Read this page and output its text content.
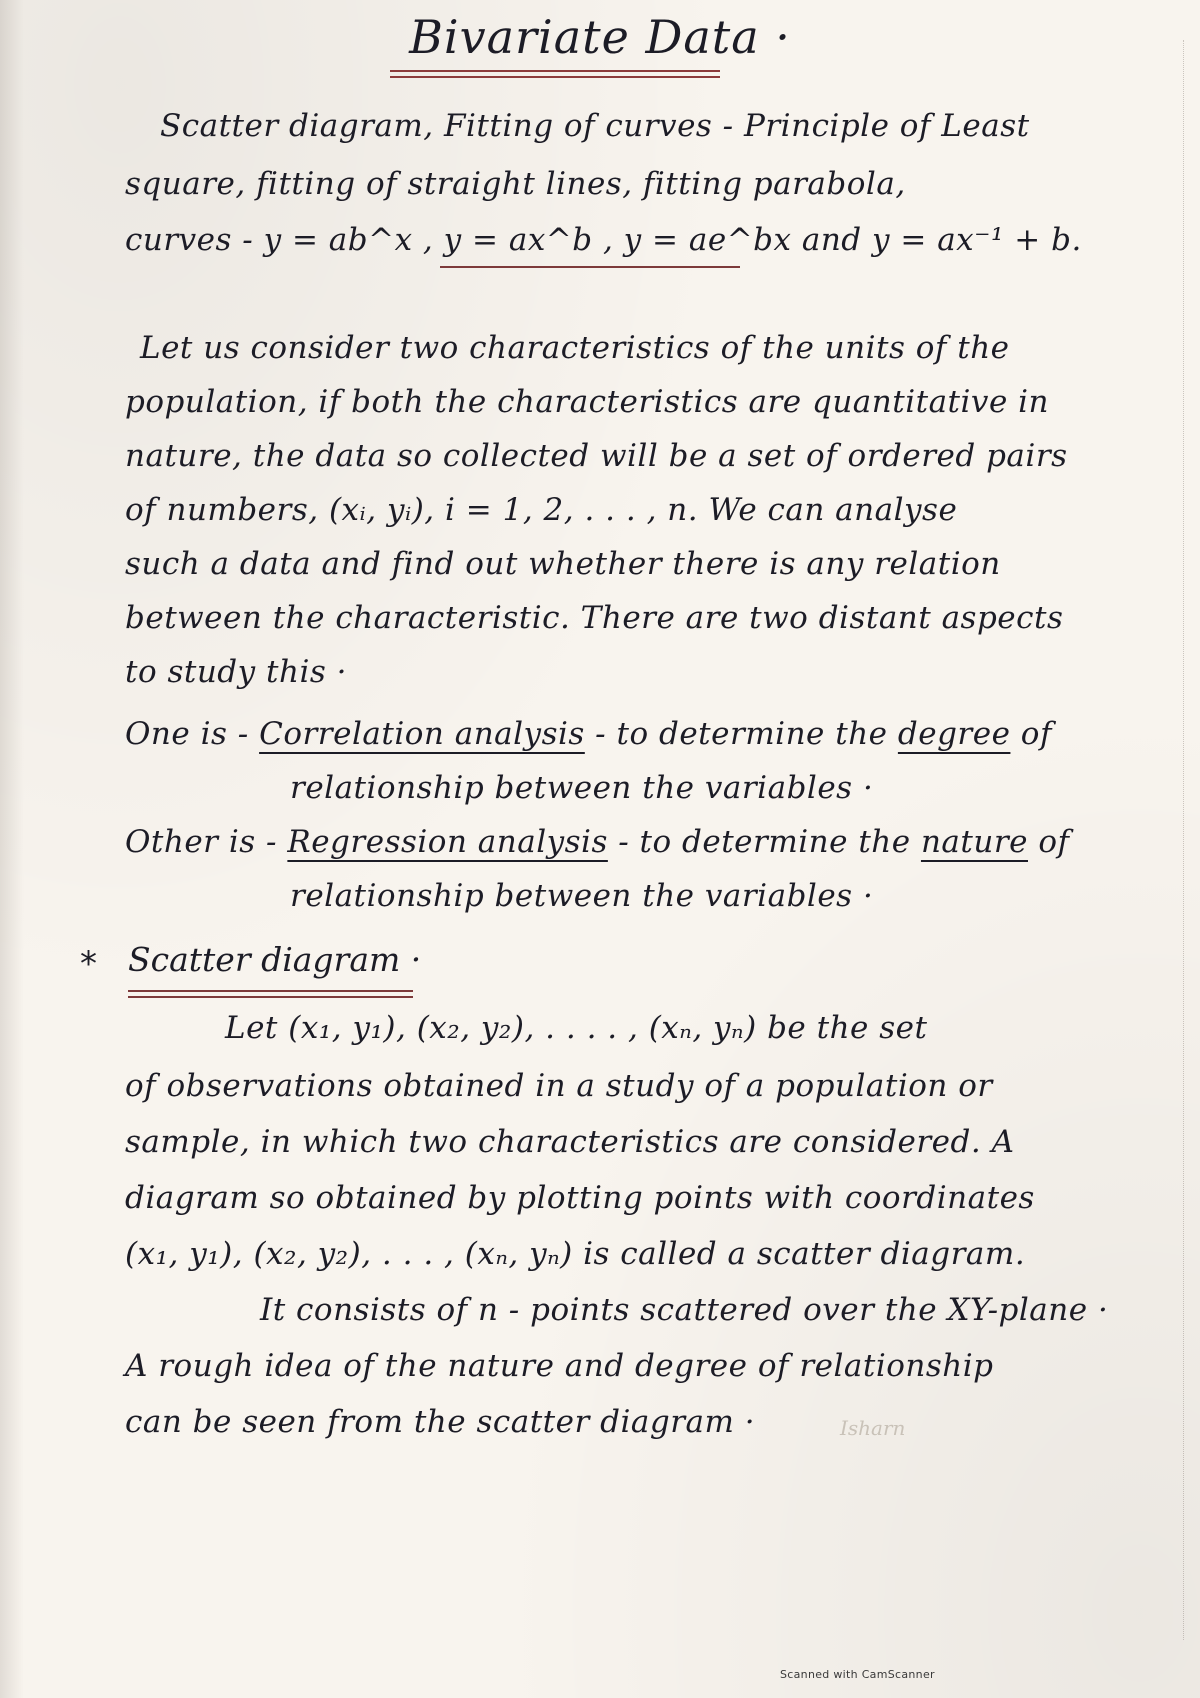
Bivariate Data ·
Scatter diagram, Fitting of curves - Principle of Least
square, fitting of straight lines, fitting parabola,
curves - y = ab^x , y = ax^b , y = ae^bx and y = ax⁻¹ + b.
Let us consider two characteristics of the units of the
population, if both the characteristics are quantitative in
nature, the data so collected will be a set of ordered pairs
of numbers, (xᵢ, yᵢ), i = 1, 2, . . . , n. We can analyse
such a data and find out whether there is any relation
between the characteristic. There are two distant aspects
to study this ·
One is - Correlation analysis - to determine the degree of
relationship between the variables ·
Other is - Regression analysis - to determine the nature of
relationship between the variables ·
* Scatter diagram ·
Let (x₁, y₁), (x₂, y₂), . . . . , (xₙ, yₙ) be the set
of observations obtained in a study of a population or
sample, in which two characteristics are considered. A
diagram so obtained by plotting points with coordinates
(x₁, y₁), (x₂, y₂), . . . , (xₙ, yₙ) is called a scatter diagram.
It consists of n - points scattered over the XY-plane ·
A rough idea of the nature and degree of relationship
can be seen from the scatter diagram ·	Isharn
Scanned with CamScanner
